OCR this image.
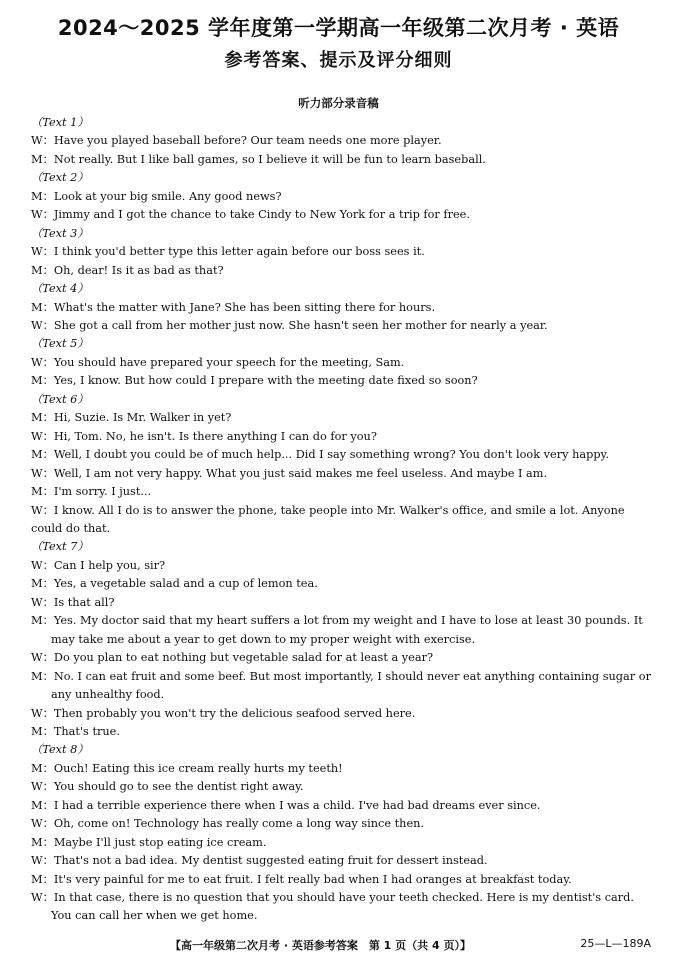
2024～2025 学年度第一学期高一年级第二次月考 · 英语
参考答案、提示及评分细则
听力部分录音稿
（Text 1）
W：Have you played baseball before? Our team needs one more player.
M：Not really. But I like ball games, so I believe it will be fun to learn baseball.
（Text 2）
M：Look at your big smile. Any good news?
W：Jimmy and I got the chance to take Cindy to New York for a trip for free.
（Text 3）
W：I think you'd better type this letter again before our boss sees it.
M：Oh, dear! Is it as bad as that?
（Text 4）
M：What's the matter with Jane? She has been sitting there for hours.
W：She got a call from her mother just now. She hasn't seen her mother for nearly a year.
（Text 5）
W：You should have prepared your speech for the meeting, Sam.
M：Yes, I know. But how could I prepare with the meeting date fixed so soon?
（Text 6）
M：Hi, Suzie. Is Mr. Walker in yet?
W：Hi, Tom. No, he isn't. Is there anything I can do for you?
M：Well, I doubt you could be of much help... Did I say something wrong? You don't look very happy.
W：Well, I am not very happy. What you just said makes me feel useless. And maybe I am.
M：I'm sorry. I just...
W：I know. All I do is to answer the phone, take people into Mr. Walker's office, and smile a lot. Anyone could do that.
（Text 7）
W：Can I help you, sir?
M：Yes, a vegetable salad and a cup of lemon tea.
W：Is that all?
M：Yes. My doctor said that my heart suffers a lot from my weight and I have to lose at least 30 pounds. It may take me about a year to get down to my proper weight with exercise.
W：Do you plan to eat nothing but vegetable salad for at least a year?
M：No. I can eat fruit and some beef. But most importantly, I should never eat anything containing sugar or any unhealthy food.
W：Then probably you won't try the delicious seafood served here.
M：That's true.
（Text 8）
M：Ouch! Eating this ice cream really hurts my teeth!
W：You should go to see the dentist right away.
M：I had a terrible experience there when I was a child. I've had bad dreams ever since.
W：Oh, come on! Technology has really come a long way since then.
M：Maybe I'll just stop eating ice cream.
W：That's not a bad idea. My dentist suggested eating fruit for dessert instead.
M：It's very painful for me to eat fruit. I felt really bad when I had oranges at breakfast today.
W：In that case, there is no question that you should have your teeth checked. Here is my dentist's card. You can call her when we get home.
【高一年级第二次月考 · 英语参考答案　第 1 页（共 4 页）】	25—L—189A
